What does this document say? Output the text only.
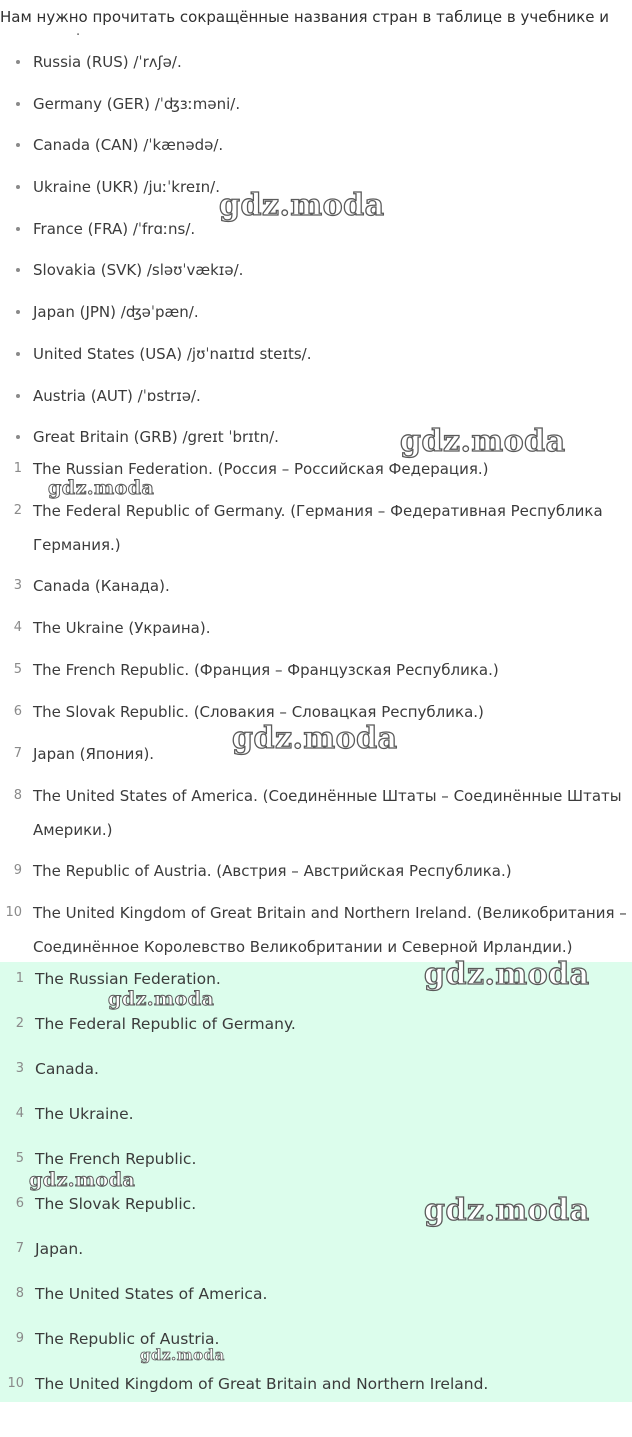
Нам нужно прочитать сокращённые названия стран в таблице в учебнике и
.
Russia (RUS) /ˈrʌʃə/.
Germany (GER) /ˈʤɜːməni/.
Canada (CAN) /ˈkænədə/.
Ukraine (UKR) /juːˈkreɪn/.
France (FRA) /ˈfrɑːns/.
Slovakia (SVK) /sləʊˈvækɪə/.
Japan (JPN) /ʤəˈpæn/.
United States (USA) /jʊˈnaɪtɪd steɪts/.
Austria (AUT) /ˈɒstrɪə/.
Great Britain (GRB) /greɪt ˈbrɪtn/.
1 The Russian Federation. (Россия – Российская Федерация.)
2 The Federal Republic of Germany. (Германия – Федеративная Республика Германия.)
3 Canada (Канада).
4 The Ukraine (Украина).
5 The French Republic. (Франция – Французская Республика.)
6 The Slovak Republic. (Словакия – Словацкая Республика.)
7 Japan (Япония).
8 The United States of America. (Соединённые Штаты – Соединённые Штаты Америки.)
9 The Republic of Austria. (Австрия – Австрийская Республика.)
10 The United Kingdom of Great Britain and Northern Ireland. (Великобритания – Соединённое Королевство Великобритании и Северной Ирландии.)
1 The Russian Federation.
2 The Federal Republic of Germany.
3 Canada.
4 The Ukraine.
5 The French Republic.
6 The Slovak Republic.
7 Japan.
8 The United States of America.
9 The Republic of Austria.
10 The United Kingdom of Great Britain and Northern Ireland.
gdz.moda
gdz.moda
gdz.moda
gdz.moda
gdz.moda
gdz.moda
gdz.moda
gdz.moda
gdz.moda
